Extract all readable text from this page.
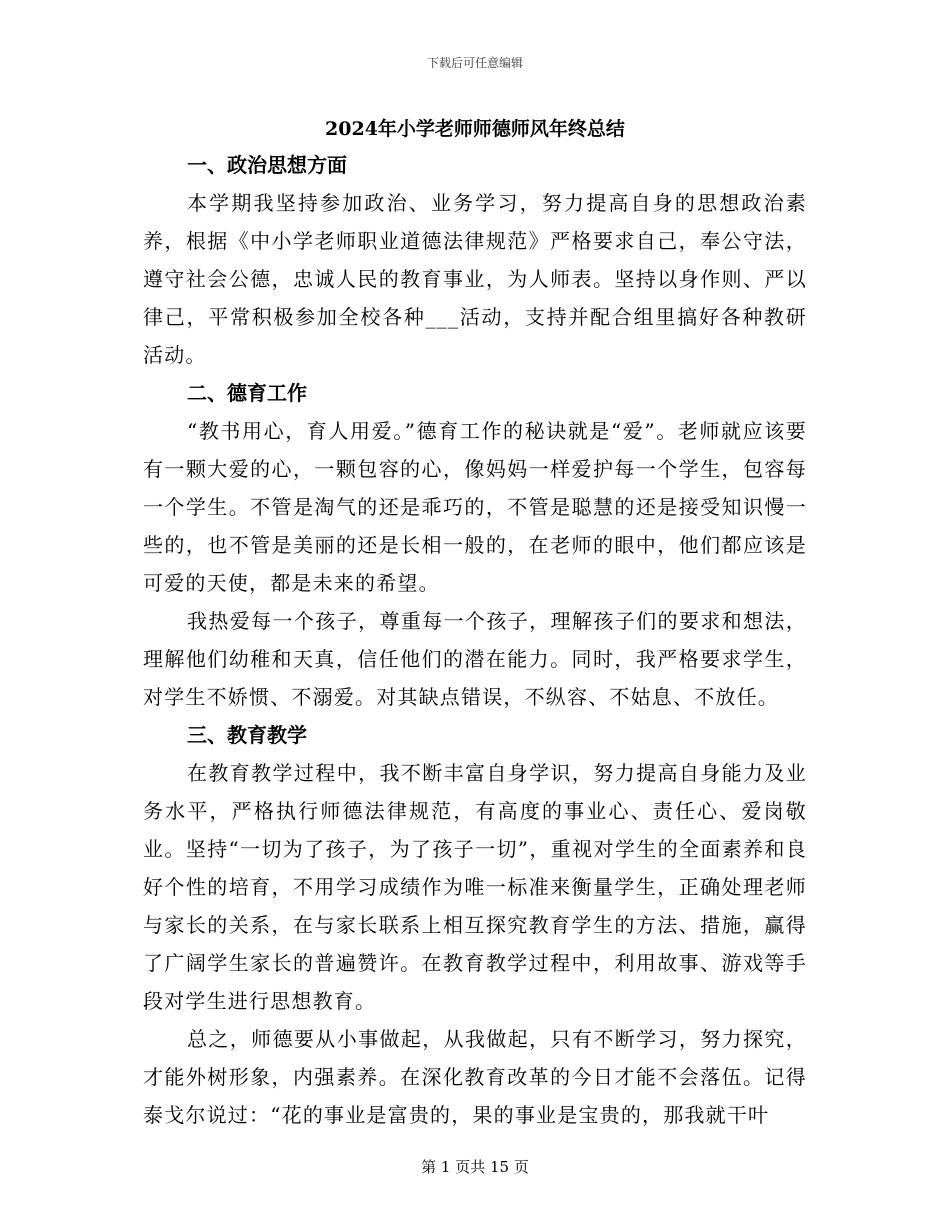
下载后可任意编辑
2024年小学老师师德师风年终总结
一、政治思想方面

本学期我坚持参加政治、业务学习，努力提高自身的思想政治素养，根据《中小学老师职业道德法律规范》严格要求自己，奉公守法，遵守社会公德，忠诚人民的教育事业，为人师表。坚持以身作则、严以律己，平常积极参加全校各种___活动，支持并配合组里搞好各种教研活动。

二、德育工作

“教书用心，育人用爱。”德育工作的秘诀就是“爱”。老师就应该要有一颗大爱的心，一颗包容的心，像妈妈一样爱护每一个学生，包容每一个学生。不管是淘气的还是乖巧的，不管是聪慧的还是接受知识慢一些的，也不管是美丽的还是长相一般的，在老师的眼中，他们都应该是可爱的天使，都是未来的希望。

我热爱每一个孩子，尊重每一个孩子，理解孩子们的要求和想法，理解他们幼稚和天真，信任他们的潜在能力。同时，我严格要求学生，对学生不娇惯、不溺爱。对其缺点错误，不纵容、不姑息、不放任。

三、教育教学

在教育教学过程中，我不断丰富自身学识，努力提高自身能力及业务水平，严格执行师德法律规范，有高度的事业心、责任心、爱岗敬业。坚持“一切为了孩子，为了孩子一切”，重视对学生的全面素养和良好个性的培育，不用学习成绩作为唯一标准来衡量学生，正确处理老师与家长的关系，在与家长联系上相互探究教育学生的方法、措施，赢得了广阔学生家长的普遍赞许。在教育教学过程中，利用故事、游戏等手段对学生进行思想教育。

总之，师德要从小事做起，从我做起，只有不断学习，努力探究，才能外树形象，内强素养。在深化教育改革的今日才能不会落伍。记得泰戈尔说过：“花的事业是富贵的，果的事业是宝贵的，那我就干叶

第 1 页共 15 页
